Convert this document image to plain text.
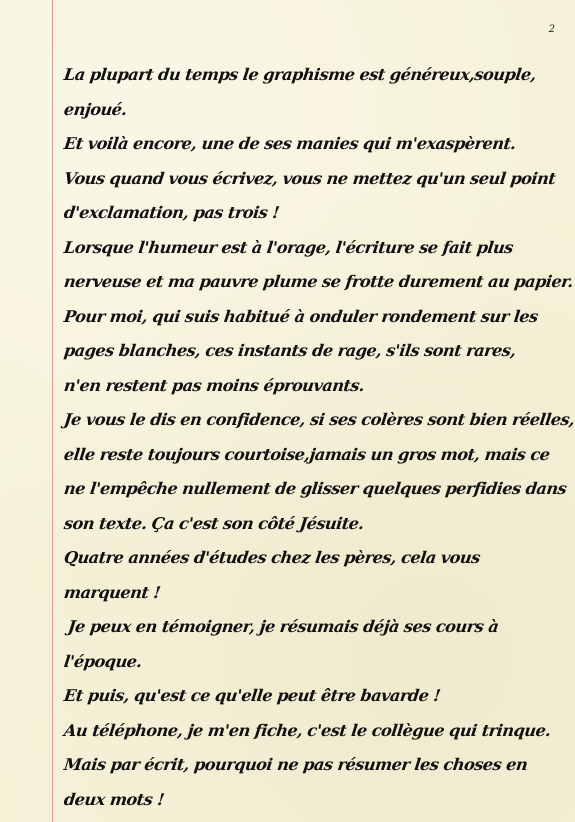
2
La plupart du temps le graphisme est généreux,souple,
enjoué.
Et voilà encore, une de ses manies qui m'exaspèrent.
Vous quand vous écrivez, vous ne mettez qu'un seul point
d'exclamation, pas trois !
Lorsque l'humeur est à l'orage, l'écriture se fait plus
nerveuse et ma pauvre plume se frotte durement au papier.
Pour moi, qui suis habitué à onduler rondement sur les
pages blanches, ces instants de rage, s'ils sont rares,
n'en restent pas moins éprouvants.
Je vous le dis en confidence, si ses colères sont bien réelles,
elle reste toujours courtoise,jamais un gros mot, mais ce
ne l'empêche nullement de glisser quelques perfidies dans
son texte. Ça c'est son côté Jésuite.
Quatre années d'études chez les pères, cela vous
marquent !
Je peux en témoigner, je résumais déjà ses cours à
l'époque.
Et puis, qu'est ce qu'elle peut être bavarde !
Au téléphone, je m'en fiche, c'est le collègue qui trinque.
Mais par écrit, pourquoi ne pas résumer les choses en
deux mots !
